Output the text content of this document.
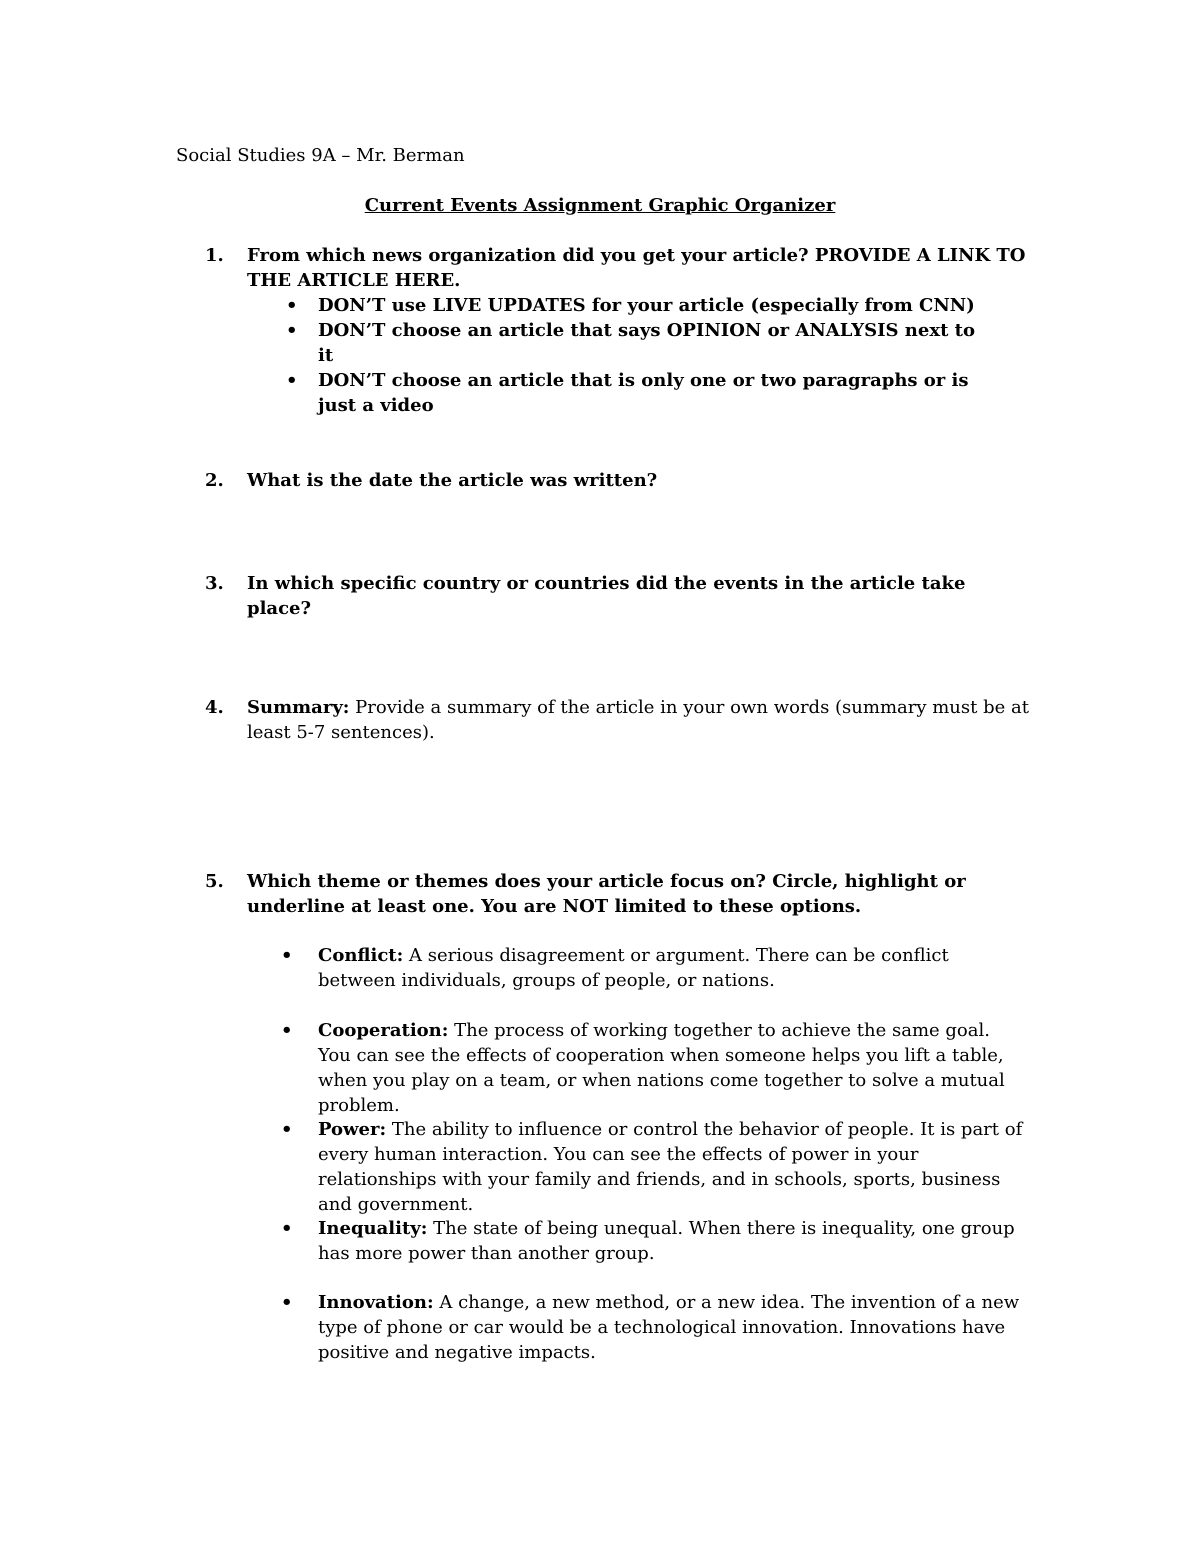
Social Studies 9A – Mr. Berman
Current Events Assignment Graphic Organizer
1. From which news organization did you get your article? PROVIDE A LINK TO THE ARTICLE HERE.
• DON’T use LIVE UPDATES for your article (especially from CNN)
• DON’T choose an article that says OPINION or ANALYSIS next to it
• DON’T choose an article that is only one or two paragraphs or is just a video
2. What is the date the article was written?
3. In which specific country or countries did the events in the article take place?
4. Summary: Provide a summary of the article in your own words (summary must be at least 5-7 sentences).
5. Which theme or themes does your article focus on? Circle, highlight or underline at least one. You are NOT limited to these options.
• Conflict: A serious disagreement or argument. There can be conflict between individuals, groups of people, or nations.
• Cooperation: The process of working together to achieve the same goal. You can see the effects of cooperation when someone helps you lift a table, when you play on a team, or when nations come together to solve a mutual problem.
• Power: The ability to influence or control the behavior of people. It is part of every human interaction. You can see the effects of power in your relationships with your family and friends, and in schools, sports, business and government.
• Inequality: The state of being unequal. When there is inequality, one group has more power than another group.
• Innovation: A change, a new method, or a new idea. The invention of a new type of phone or car would be a technological innovation. Innovations have positive and negative impacts.
